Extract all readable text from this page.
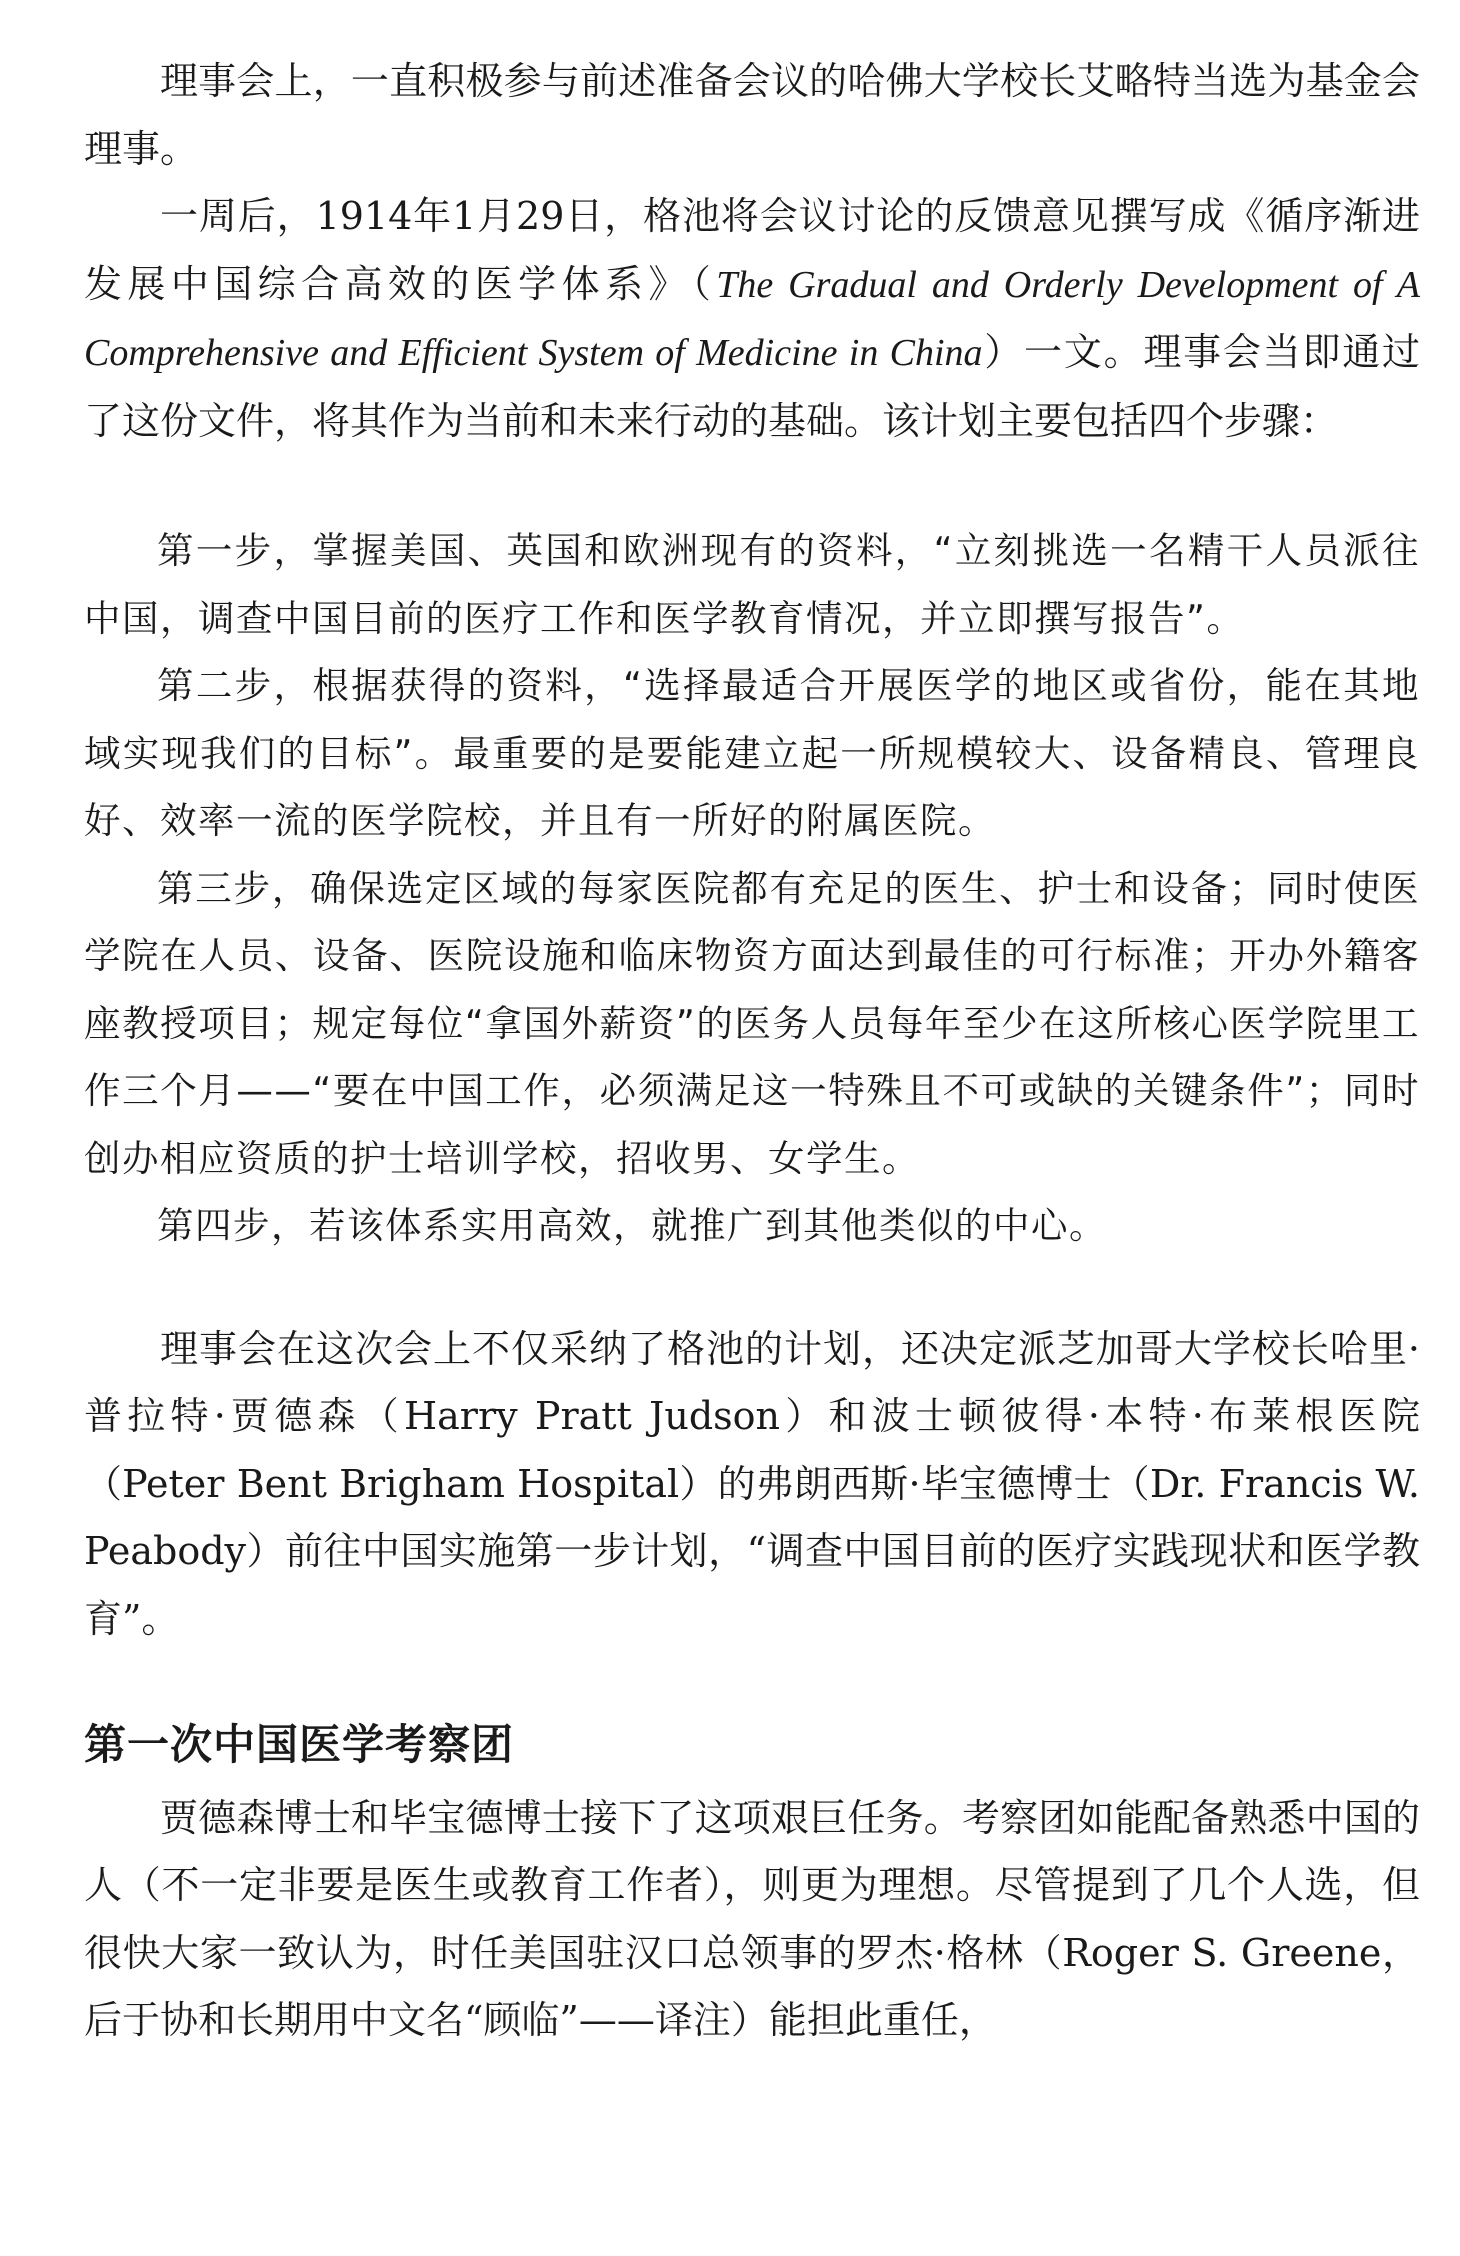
理事会上，一直积极参与前述准备会议的哈佛大学校长艾略特当选为基金会理事。

一周后，1914年1月29日，格池将会议讨论的反馈意见撰写成《循序渐进发展中国综合高效的医学体系》（The Gradual and Orderly Development of A Comprehensive and Efficient System of Medicine in China）一文。理事会当即通过了这份文件，将其作为当前和未来行动的基础。该计划主要包括四个步骤：

第一步，掌握美国、英国和欧洲现有的资料，“立刻挑选一名精干人员派往中国，调查中国目前的医疗工作和医学教育情况，并立即撰写报告”。

第二步，根据获得的资料，“选择最适合开展医学的地区或省份，能在其地域实现我们的目标”。最重要的是要能建立起一所规模较大、设备精良、管理良好、效率一流的医学院校，并且有一所好的附属医院。

第三步，确保选定区域的每家医院都有充足的医生、护士和设备；同时使医学院在人员、设备、医院设施和临床物资方面达到最佳的可行标准；开办外籍客座教授项目；规定每位“拿国外薪资”的医务人员每年至少在这所核心医学院里工作三个月——“要在中国工作，必须满足这一特殊且不可或缺的关键条件”；同时创办相应资质的护士培训学校，招收男、女学生。

第四步，若该体系实用高效，就推广到其他类似的中心。

理事会在这次会上不仅采纳了格池的计划，还决定派芝加哥大学校长哈里·普拉特·贾德森（Harry Pratt Judson）和波士顿彼得·本特·布莱根医院（Peter Bent Brigham Hospital）的弗朗西斯·毕宝德博士（Dr. Francis W. Peabody）前往中国实施第一步计划，“调查中国目前的医疗实践现状和医学教育”。

第一次中国医学考察团

贾德森博士和毕宝德博士接下了这项艰巨任务。考察团如能配备熟悉中国的人（不一定非要是医生或教育工作者），则更为理想。尽管提到了几个人选，但很快大家一致认为，时任美国驻汉口总领事的罗杰·格林（Roger S. Greene，后于协和长期用中文名“顾临”——译注）能担此重任，
